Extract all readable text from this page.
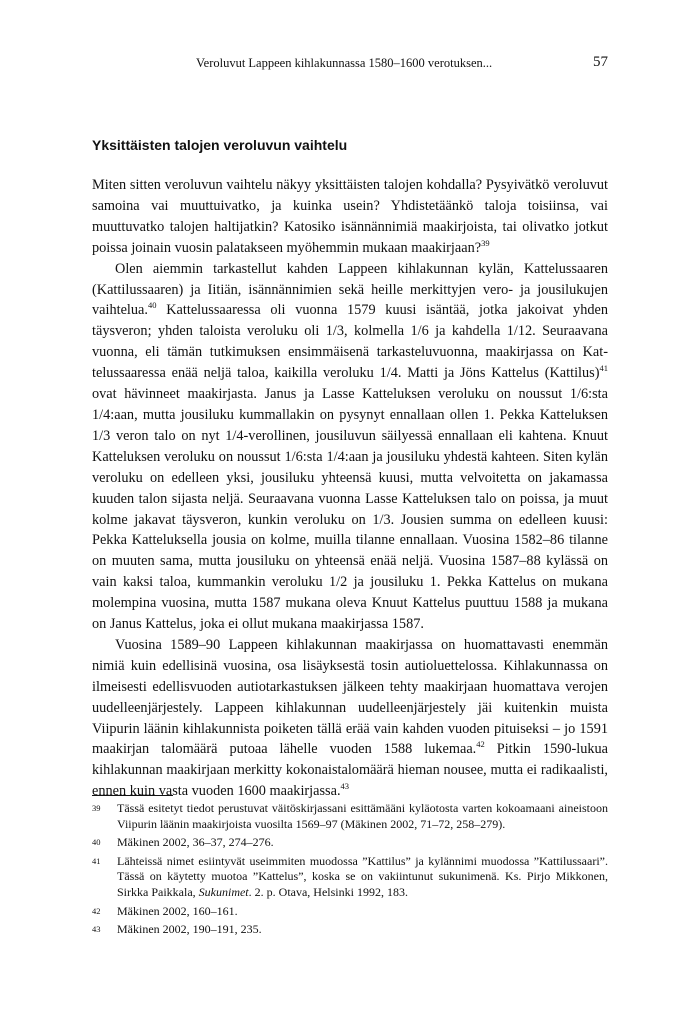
Veroluvut Lappeen kihlakunnassa 1580–1600 verotuksen...	57
Yksittäisten talojen veroluvun vaihtelu

Miten sitten veroluvun vaihtelu näkyy yksittäisten talojen kohdalla? Pysyivätkö veroluvut samoina vai muuttuivatko, ja kuinka usein? Yhdistetäänkö taloja toisiinsa, vai muuttuvatko talojen haltijatkin? Katosiko isännännimiä maakirjoista, tai olivatko jotkut poissa joinain vuosin palatakseen myöhemmin mukaan maakirjaan?$^{39}$

Olen aiemmin tarkastellut kahden Lappeen kihlakunnan kylän, Kattelussaaren (Kattilussaaren) ja Iitiän, isännännimien sekä heille merkittyjen vero- ja jousilukujen vaihtelua.$^{40}$ Kattelussaaressa oli vuonna 1579 kuusi isäntää, jotka jakoivat yhden täysveron; yhden taloista veroluku oli 1/3, kolmella 1/6 ja kahdella 1/12. Seuraavana vuonna, eli tämän tutkimuksen ensimmäisenä tarkasteluvuonna, maakirjassa on Kattelussaaressa enää neljä taloa, kaikilla veroluku 1/4. Matti ja Jöns Kattelus (Kattilus)$^{41}$ ovat hävinneet maakirjasta. Janus ja Lasse Katteluksen veroluku on noussut 1/6:sta 1/4:aan, mutta jousiluku kummallakin on pysynyt ennallaan ollen 1. Pekka Katteluksen 1/3 veron talo on nyt 1/4-verollinen, jousiluvun säilyessä ennallaan eli kahtena. Knuut Katteluksen veroluku on noussut 1/6:sta 1/4:aan ja jousiluku yhdestä kahteen. Siten kylän veroluku on edelleen yksi, jousiluku yhteensä kuusi, mutta velvoitetta on jakamassa kuuden talon sijasta neljä. Seuraavana vuonna Lasse Katteluksen talo on poissa, ja muut kolme jakavat täysveron, kunkin veroluku on 1/3. Jousien summa on edelleen kuusi: Pekka Katteluksella jousia on kolme, muilla tilanne ennallaan. Vuosina 1582–86 tilanne on muuten sama, mutta jousiluku on yhteensä enää neljä. Vuosina 1587–88 kylässä on vain kaksi taloa, kummankin veroluku 1/2 ja jousiluku 1. Pekka Kattelus on mukana molempina vuosina, mutta 1587 mukana oleva Knuut Kattelus puuttuu 1588 ja mukana on Janus Kattelus, joka ei ollut mukana maakirjassa 1587.

Vuosina 1589–90 Lappeen kihlakunnan maakirjassa on huomattavasti enemmän nimiä kuin edellisinä vuosina, osa lisäyksestä tosin autioluettelossa. Kihlakunnassa on ilmeisesti edellisvuoden autiotarkastuksen jälkeen tehty maakirjaan huomattava verojen uudelleenjärjestely. Lappeen kihlakunnan uudelleenjärjestely jäi kuitenkin muista Viipurin läänin kihlakunnista poiketen tällä erää vain kahden vuoden pituiseksi – jo 1591 maakirjan talomäärä putoaa lähelle vuoden 1588 lukemaa.$^{42}$ Pitkin 1590-lukua kihlakunnan maakirjaan merkitty kokonaistalomäärä hieman nousee, mutta ei radikaalisti, ennen kuin vasta vuoden 1600 maakirjassa.$^{43}$

39	Tässä esitetyt tiedot perustuvat väitöskirjassani esittämääni kyläotosta varten kokoamaani aineistoon Viipurin läänin maakirjoista vuosilta 1569–97 (Mäkinen 2002, 71–72, 258–279).
40	Mäkinen 2002, 36–37, 274–276.
41	Lähteissä nimet esiintyvät useimmiten muodossa ”Kattilus” ja kylännimi muodossa ”Kattilussaari”. Tässä on käytetty muotoa ”Kattelus”, koska se on vakiintunut sukunimenä. Ks. Pirjo Mikkonen, Sirkka Paikkala, Sukunimet. 2. p. Otava, Helsinki 1992, 183.
42	Mäkinen 2002, 160–161.
43	Mäkinen 2002, 190–191, 235.
